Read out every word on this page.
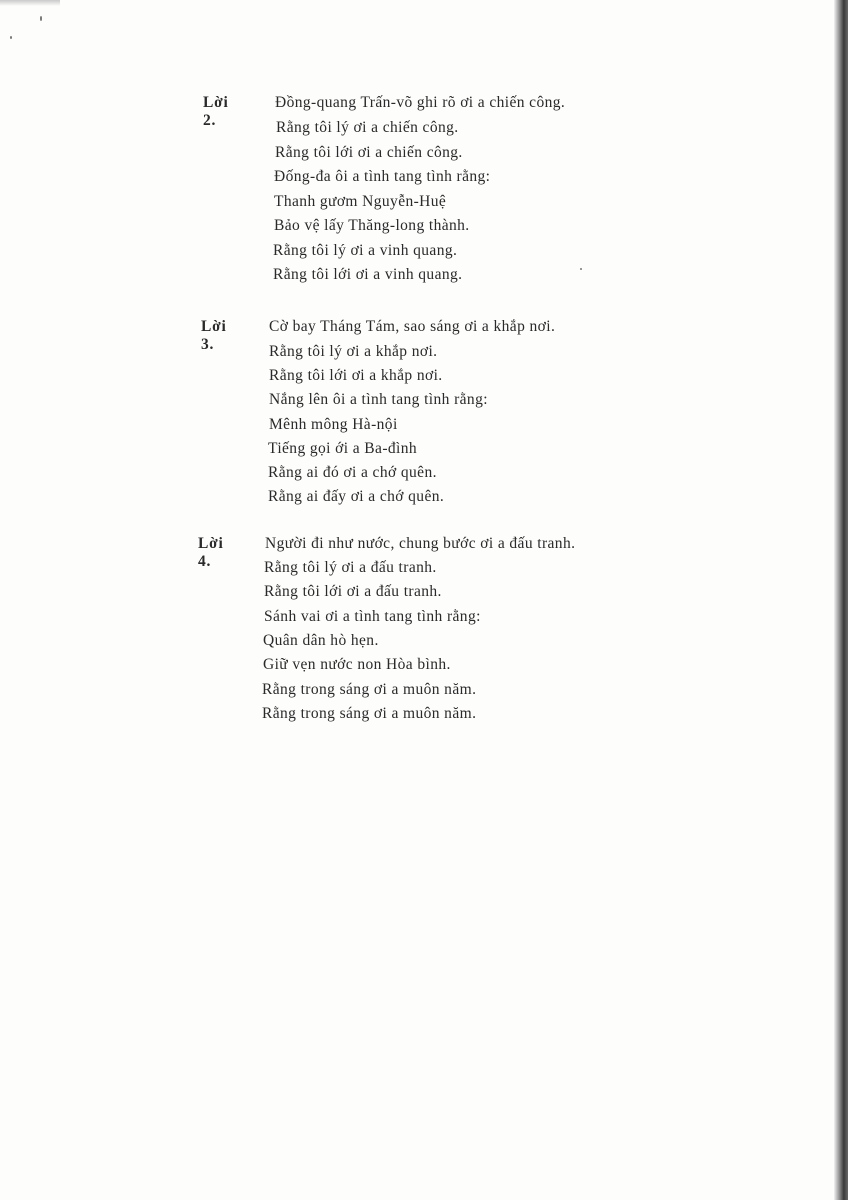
Lời 2.
Đồng-quang Trấn-võ ghi rõ ơi a chiến công.
Rằng tôi lý ơi a chiến công.
Rằng tôi lới ơi a chiến công.
Đống-đa ôi a tình tang tình rằng:
Thanh gươm Nguyễn-Huệ
Bảo vệ lấy Thăng-long thành.
Rằng tôi lý ơi a vinh quang.
Rằng tôi lới ơi a vinh quang.
Lời 3.
Cờ bay Tháng Tám, sao sáng ơi a khắp nơi.
Rằng tôi lý ơi a khắp nơi.
Rằng tôi lới ơi a khắp nơi.
Nắng lên ôi a tình tang tình rằng:
Mênh mông Hà-nội
Tiếng gọi ới a Ba-đình
Rằng ai đó ơi a chớ quên.
Rằng ai đấy ơi a chớ quên.
Lời 4.
Người đi như nước, chung bước ơi a đấu tranh.
Rằng tôi lý ơi a đấu tranh.
Rằng tôi lới ơi a đấu tranh.
Sánh vai ơi a tình tang tình rằng:
Quân dân hò hẹn.
Giữ vẹn nước non Hòa bình.
Rằng trong sáng ơi a muôn năm.
Rằng trong sáng ơi a muôn năm.
